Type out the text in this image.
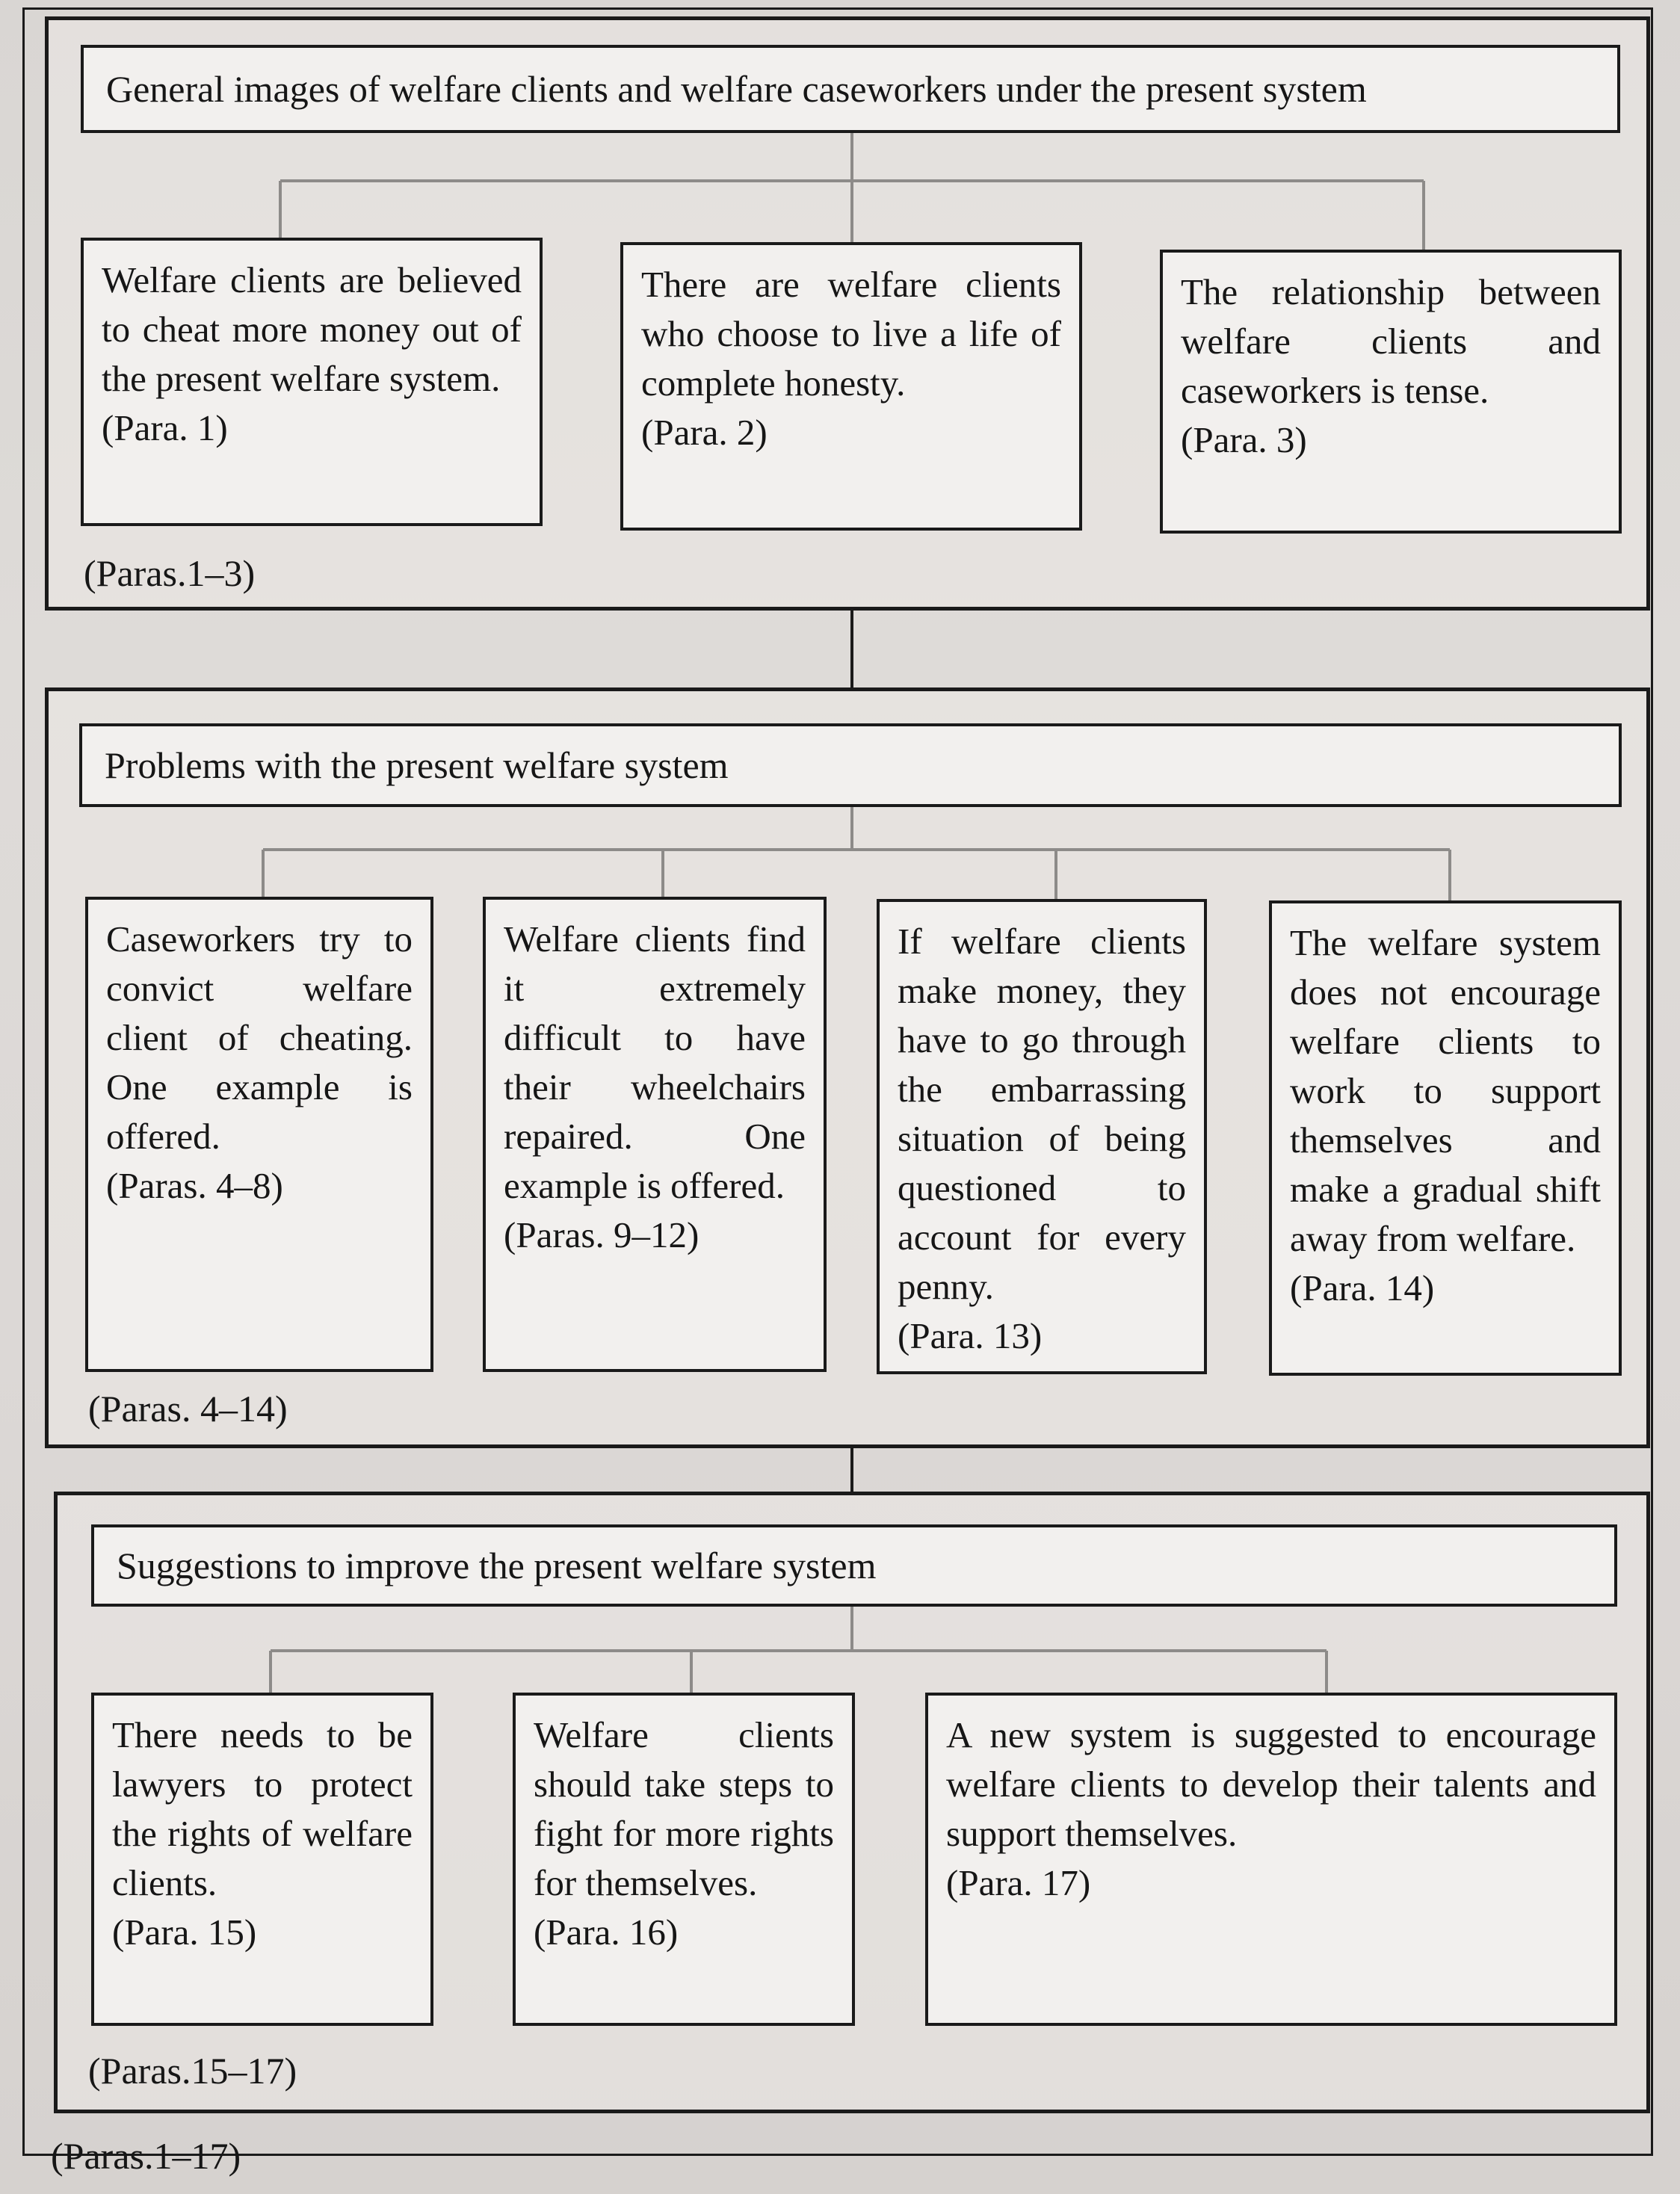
General images of welfare clients and welfare caseworkers under the present system
Welfare clients are believed to cheat more money out of the present welfare system.
(Para. 1)
There are welfare clients who choose to live a life of complete honesty.
(Para. 2)
The relationship between welfare clients and caseworkers is tense.
(Para. 3)
(Paras.1–3)
Problems with the present welfare system
Caseworkers try to convict welfare client of cheating. One example is offered.
(Paras. 4–8)
Welfare clients find it extremely difficult to have their wheelchairs repaired. One example is offered.
(Paras. 9–12)
If welfare clients make money, they have to go through the embarrassing situation of being questioned to account for every penny.
(Para. 13)
The welfare system does not encourage welfare clients to work to support themselves and make a gradual shift away from welfare.
(Para. 14)
(Paras. 4–14)
Suggestions to improve the present welfare system
There needs to be lawyers to protect the rights of welfare clients.
(Para. 15)
Welfare clients should take steps to fight for more rights for themselves.
(Para. 16)
A new system is suggested to encourage welfare clients to develop their talents and support themselves.
(Para. 17)
(Paras.15–17)
(Paras.1–17)
